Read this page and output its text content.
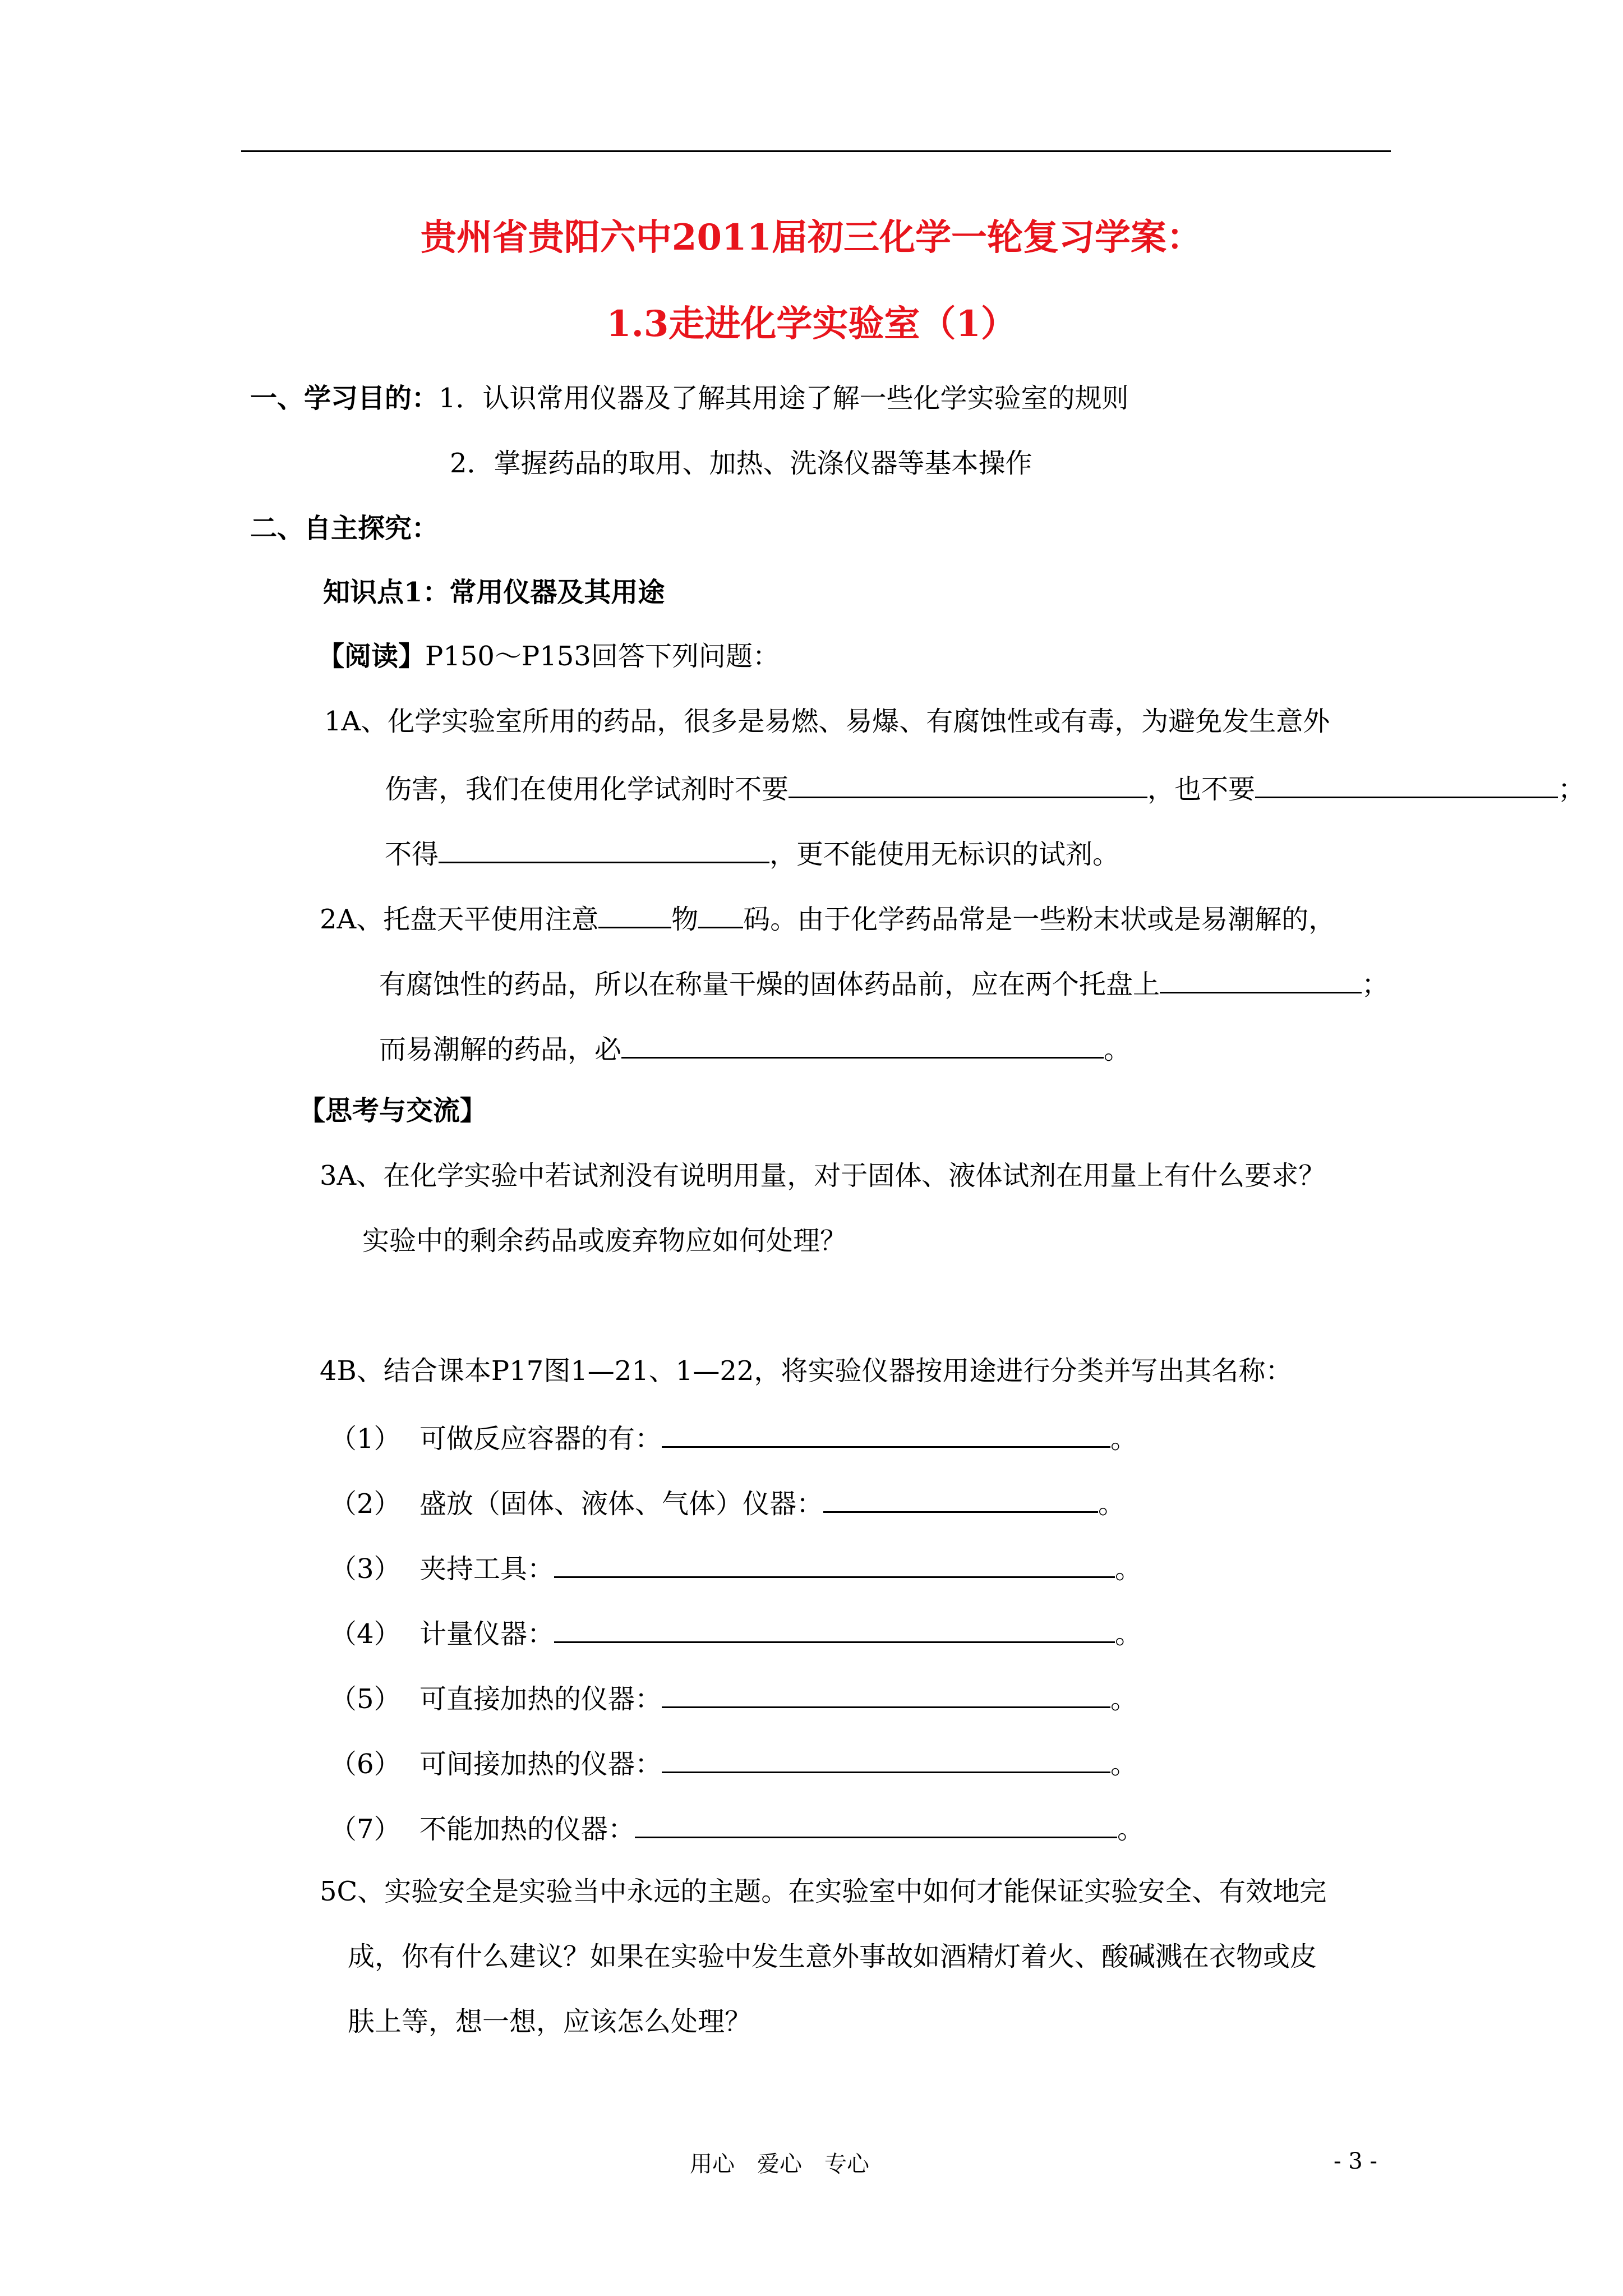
贵州省贵阳六中2011届初三化学一轮复习学案：
1.3走进化学实验室（1）
一、学习目的：1．认识常用仪器及了解其用途了解一些化学实验室的规则
2．掌握药品的取用、加热、洗涤仪器等基本操作
二、自主探究：
知识点1：常用仪器及其用途
【阅读】P150～P153回答下列问题：
1A、化学实验室所用的药品，很多是易燃、易爆、有腐蚀性或有毒，为避免发生意外
伤害，我们在使用化学试剂时不要	，也不要	；
不得	，更不能使用无标识的试剂。
2A、托盘天平使用注意	物 码。由于化学药品常是一些粉末状或是易潮解的，
有腐蚀性的药品，所以在称量干燥的固体药品前，应在两个托盘上	；
而易潮解的药品，必	。
【思考与交流】
3A、在化学实验中若试剂没有说明用量，对于固体、液体试剂在用量上有什么要求？
实验中的剩余药品或废弃物应如何处理？
4B、结合课本P17图1—21、1—22，将实验仪器按用途进行分类并写出其名称：
（1） 可做反应容器的有：	。
（2） 盛放（固体、液体、气体）仪器：	。
（3） 夹持工具：	。
（4） 计量仪器：	。
（5） 可直接加热的仪器：	。
（6） 可间接加热的仪器：	。
（7） 不能加热的仪器：	。
5C、实验安全是实验当中永远的主题。在实验室中如何才能保证实验安全、有效地完
成，你有什么建议？如果在实验中发生意外事故如酒精灯着火、酸碱溅在衣物或皮
肤上等，想一想，应该怎么处理？
用心　爱心　专心	- 3 -
